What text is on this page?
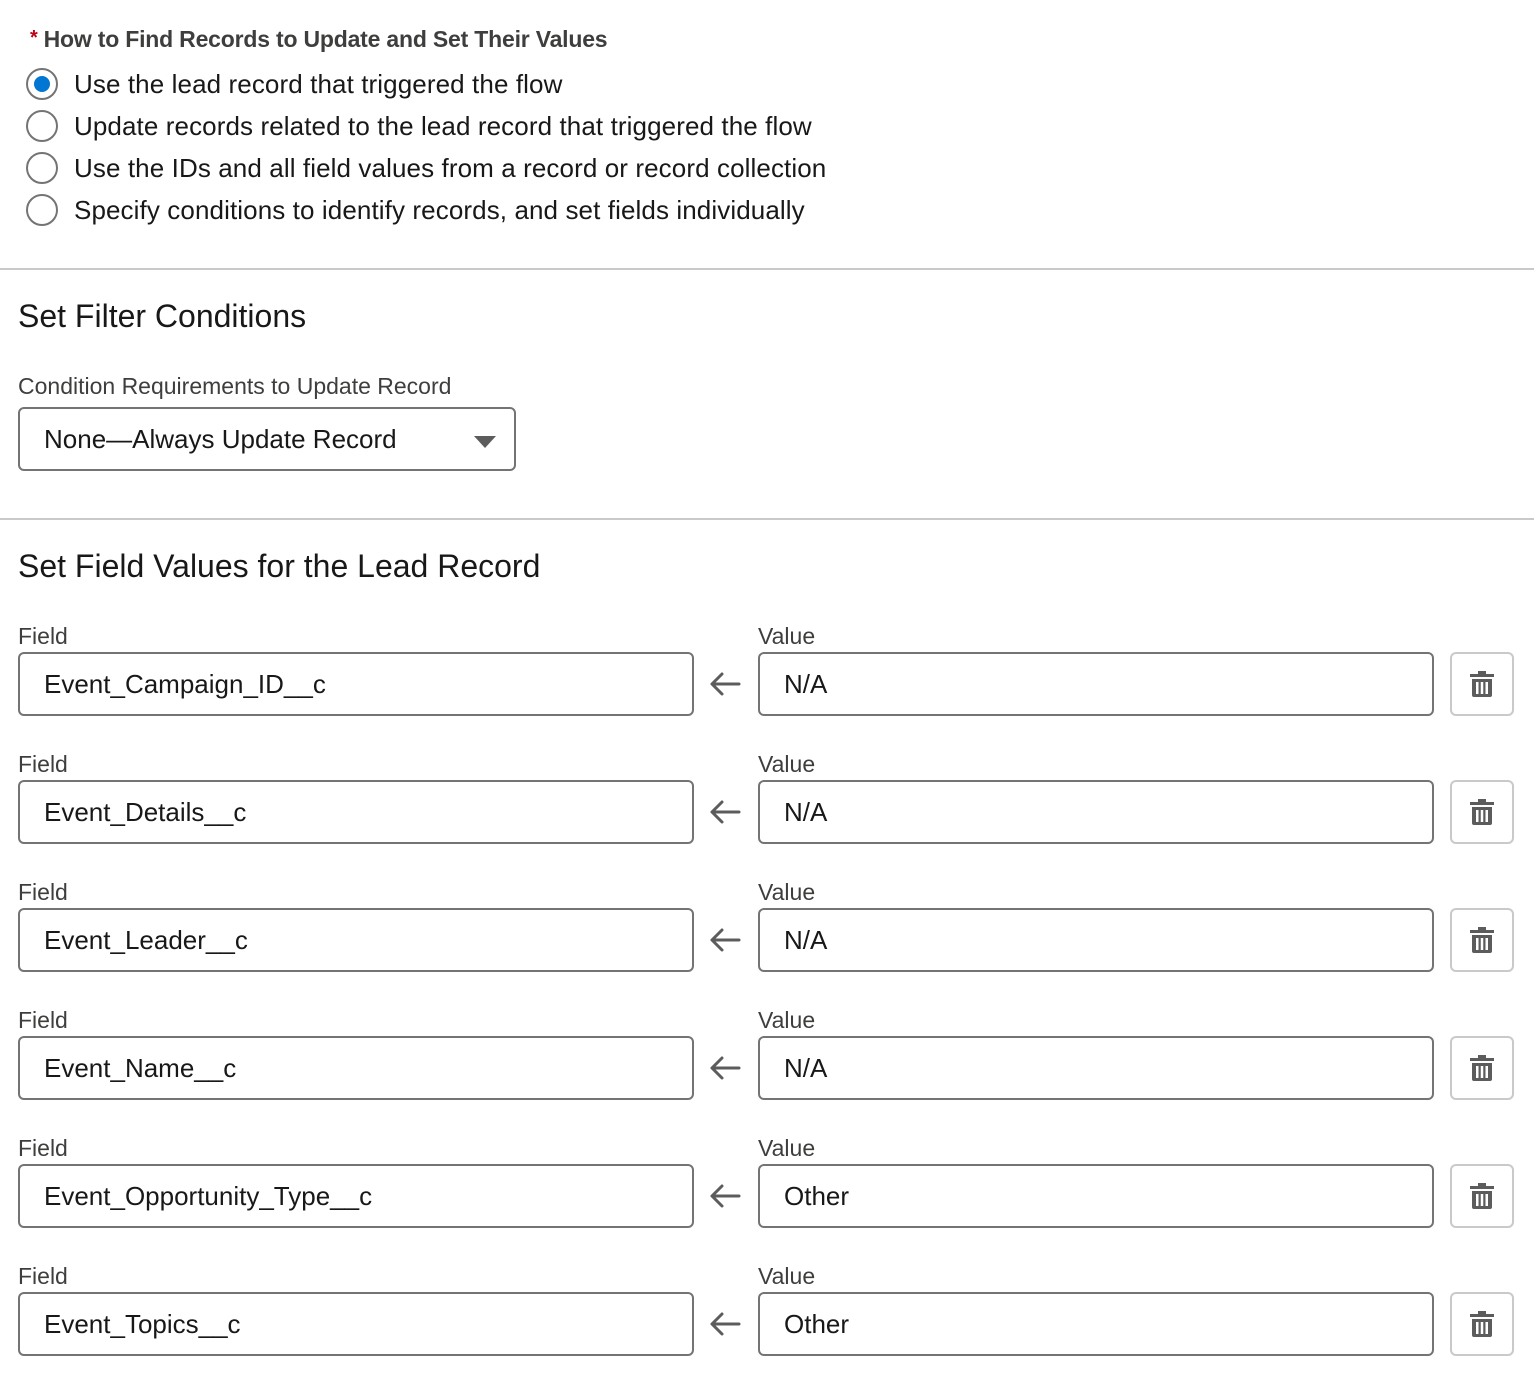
* How to Find Records to Update and Set Their Values
Use the lead record that triggered the flow
Update records related to the lead record that triggered the flow
Use the IDs and all field values from a record or record collection
Specify conditions to identify records, and set fields individually
Set Filter Conditions
Condition Requirements to Update Record
None—Always Update Record
Set Field Values for the Lead Record
Field	Value
Event_Campaign_ID__c	N/A
Field	Value
Event_Details__c	N/A
Field	Value
Event_Leader__c	N/A
Field	Value
Event_Name__c	N/A
Field	Value
Event_Opportunity_Type__c	Other
Field	Value
Event_Topics__c	Other
